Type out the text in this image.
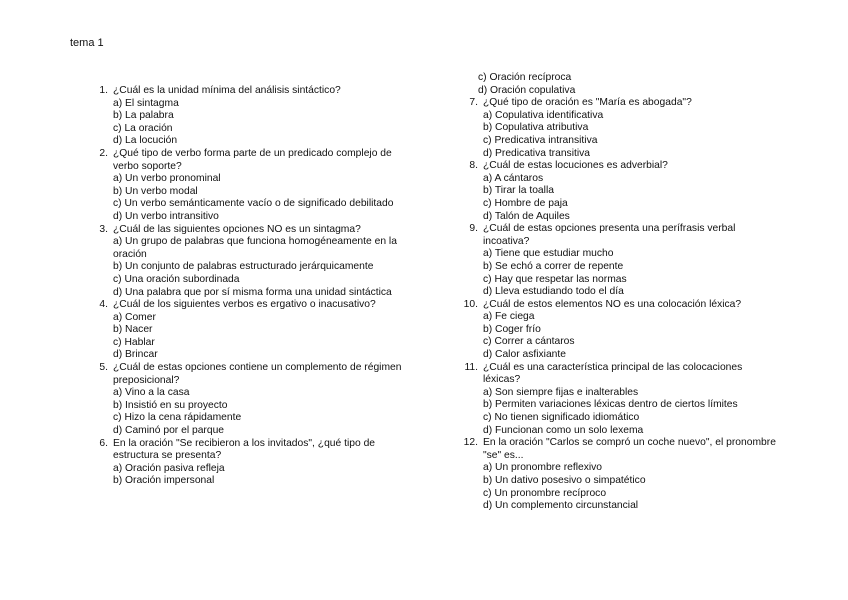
tema 1
1. ¿Cuál es la unidad mínima del análisis sintáctico?
a) El sintagma
b) La palabra
c) La oración
d) La locución
2. ¿Qué tipo de verbo forma parte de un predicado complejo de verbo soporte?
a) Un verbo pronominal
b) Un verbo modal
c) Un verbo semánticamente vacío o de significado debilitado
d) Un verbo intransitivo
3. ¿Cuál de las siguientes opciones NO es un sintagma?
a) Un grupo de palabras que funciona homogéneamente en la oración
b) Un conjunto de palabras estructurado jerárquicamente
c) Una oración subordinada
d) Una palabra que por sí misma forma una unidad sintáctica
4. ¿Cuál de los siguientes verbos es ergativo o inacusativo?
a) Comer
b) Nacer
c) Hablar
d) Brincar
5. ¿Cuál de estas opciones contiene un complemento de régimen preposicional?
a) Vino a la casa
b) Insistió en su proyecto
c) Hizo la cena rápidamente
d) Caminó por el parque
6. En la oración "Se recibieron a los invitados", ¿qué tipo de estructura se presenta?
a) Oración pasiva refleja
b) Oración impersonal
c) Oración recíproca
d) Oración copulativa
7. ¿Qué tipo de oración es "María es abogada"?
a) Copulativa identificativa
b) Copulativa atributiva
c) Predicativa intransitiva
d) Predicativa transitiva
8. ¿Cuál de estas locuciones es adverbial?
a) A cántaros
b) Tirar la toalla
c) Hombre de paja
d) Talón de Aquiles
9. ¿Cuál de estas opciones presenta una perífrasis verbal incoativa?
a) Tiene que estudiar mucho
b) Se echó a correr de repente
c) Hay que respetar las normas
d) Lleva estudiando todo el día
10. ¿Cuál de estos elementos NO es una colocación léxica?
a) Fe ciega
b) Coger frío
c) Correr a cántaros
d) Calor asfixiante
11. ¿Cuál es una característica principal de las colocaciones léxicas?
a) Son siempre fijas e inalterables
b) Permiten variaciones léxicas dentro de ciertos límites
c) No tienen significado idiomático
d) Funcionan como un solo lexema
12. En la oración "Carlos se compró un coche nuevo", el pronombre "se" es...
a) Un pronombre reflexivo
b) Un dativo posesivo o simpatético
c) Un pronombre recíproco
d) Un complemento circunstancial
